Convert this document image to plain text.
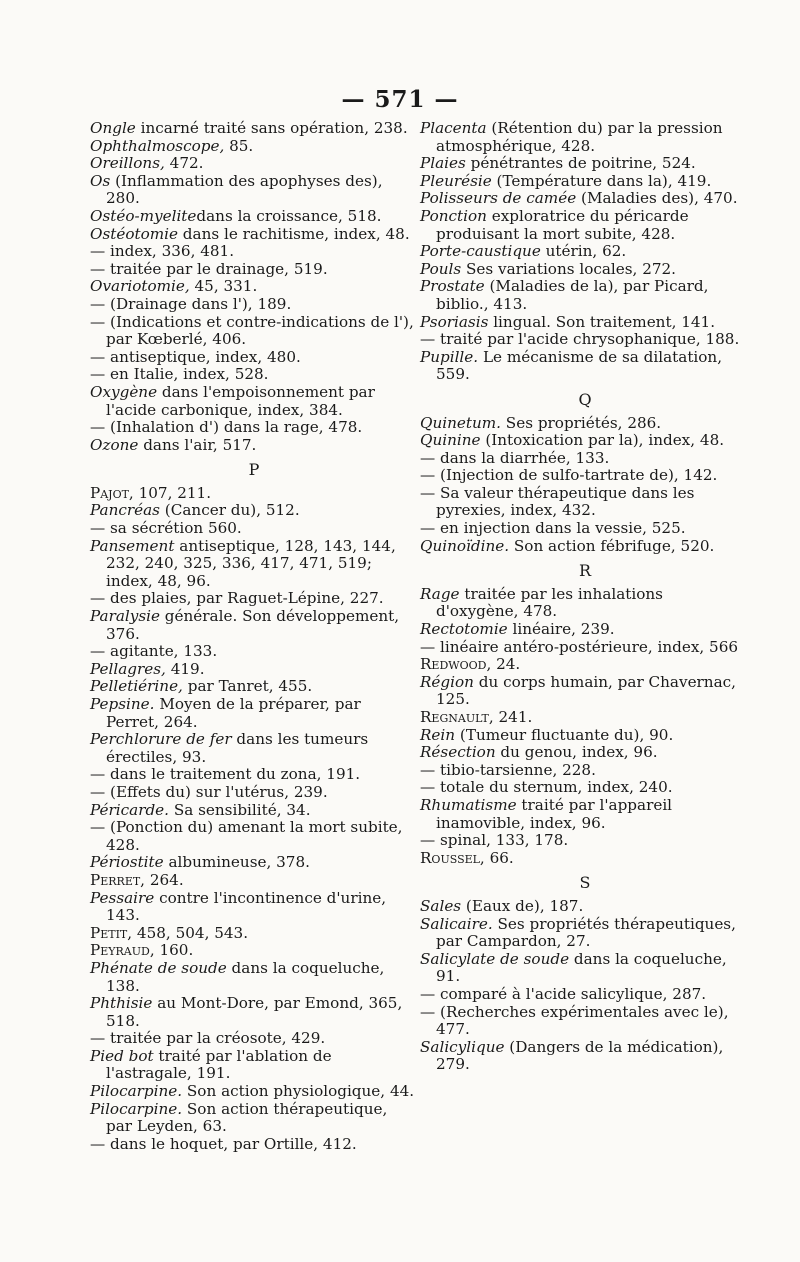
— 571 —
Ongle incarné traité sans opération, 238.
Ophthalmoscope, 85.
Oreillons, 472.
Os (Inflammation des apophyses des), 280.
Ostéo-myelitedans la croissance, 518.
Ostéotomie dans le rachitisme, index, 48.
— index, 336, 481.
— traitée par le drainage, 519.
Ovariotomie, 45, 331.
— (Drainage dans l'), 189.
— (Indications et contre-indications de l'), par Kœberlé, 406.
— antiseptique, index, 480.
— en Italie, index, 528.
Oxygène dans l'empoisonnement par l'acide carbonique, index, 384.
— (Inhalation d') dans la rage, 478.
Ozone dans l'air, 517.
P
Pajot, 107, 211.
Pancréas (Cancer du), 512.
— sa sécrétion 560.
Pansement antiseptique, 128, 143, 144, 232, 240, 325, 336, 417, 471, 519; index, 48, 96.
— des plaies, par Raguet-Lépine, 227.
Paralysie générale. Son développement, 376.
— agitante, 133.
Pellagres, 419.
Pelletiérine, par Tanret, 455.
Pepsine. Moyen de la préparer, par Perret, 264.
Perchlorure de fer dans les tumeurs érectiles, 93.
— dans le traitement du zona, 191.
— (Effets du) sur l'utérus, 239.
Péricarde. Sa sensibilité, 34.
— (Ponction du) amenant la mort subite, 428.
Périostite albumineuse, 378.
Perret, 264.
Pessaire contre l'incontinence d'urine, 143.
Petit, 458, 504, 543.
Peyraud, 160.
Phénate de soude dans la coqueluche, 138.
Phthisie au Mont-Dore, par Emond, 365, 518.
— traitée par la créosote, 429.
Pied bot traité par l'ablation de l'astragale, 191.
Pilocarpine. Son action physiologique, 44.
Pilocarpine. Son action thérapeutique, par Leyden, 63.
— dans le hoquet, par Ortille, 412.
Placenta (Rétention du) par la pression atmosphérique, 428.
Plaies pénétrantes de poitrine, 524.
Pleurésie (Température dans la), 419.
Polisseurs de camée (Maladies des), 470.
Ponction exploratrice du péricarde produisant la mort subite, 428.
Porte-caustique utérin, 62.
Pouls Ses variations locales, 272.
Prostate (Maladies de la), par Picard, biblio., 413.
Psoriasis lingual. Son traitement, 141.
— traité par l'acide chrysophanique, 188.
Pupille. Le mécanisme de sa dilatation, 559.
Q
Quinetum. Ses propriétés, 286.
Quinine (Intoxication par la), index, 48.
— dans la diarrhée, 133.
— (Injection de sulfo-tartrate de), 142.
— Sa valeur thérapeutique dans les pyrexies, index, 432.
— en injection dans la vessie, 525.
Quinoïdine. Son action fébrifuge, 520.
R
Rage traitée par les inhalations d'oxygène, 478.
Rectotomie linéaire, 239.
— linéaire antéro-postérieure, index, 566
Redwood, 24.
Région du corps humain, par Chavernac, 125.
Regnault, 241.
Rein (Tumeur fluctuante du), 90.
Résection du genou, index, 96.
— tibio-tarsienne, 228.
— totale du sternum, index, 240.
Rhumatisme traité par l'appareil inamovible, index, 96.
— spinal, 133, 178.
Roussel, 66.
S
Sales (Eaux de), 187.
Salicaire. Ses propriétés thérapeutiques, par Campardon, 27.
Salicylate de soude dans la coqueluche, 91.
— comparé à l'acide salicylique, 287.
— (Recherches expérimentales avec le), 477.
Salicylique (Dangers de la médication), 279.
